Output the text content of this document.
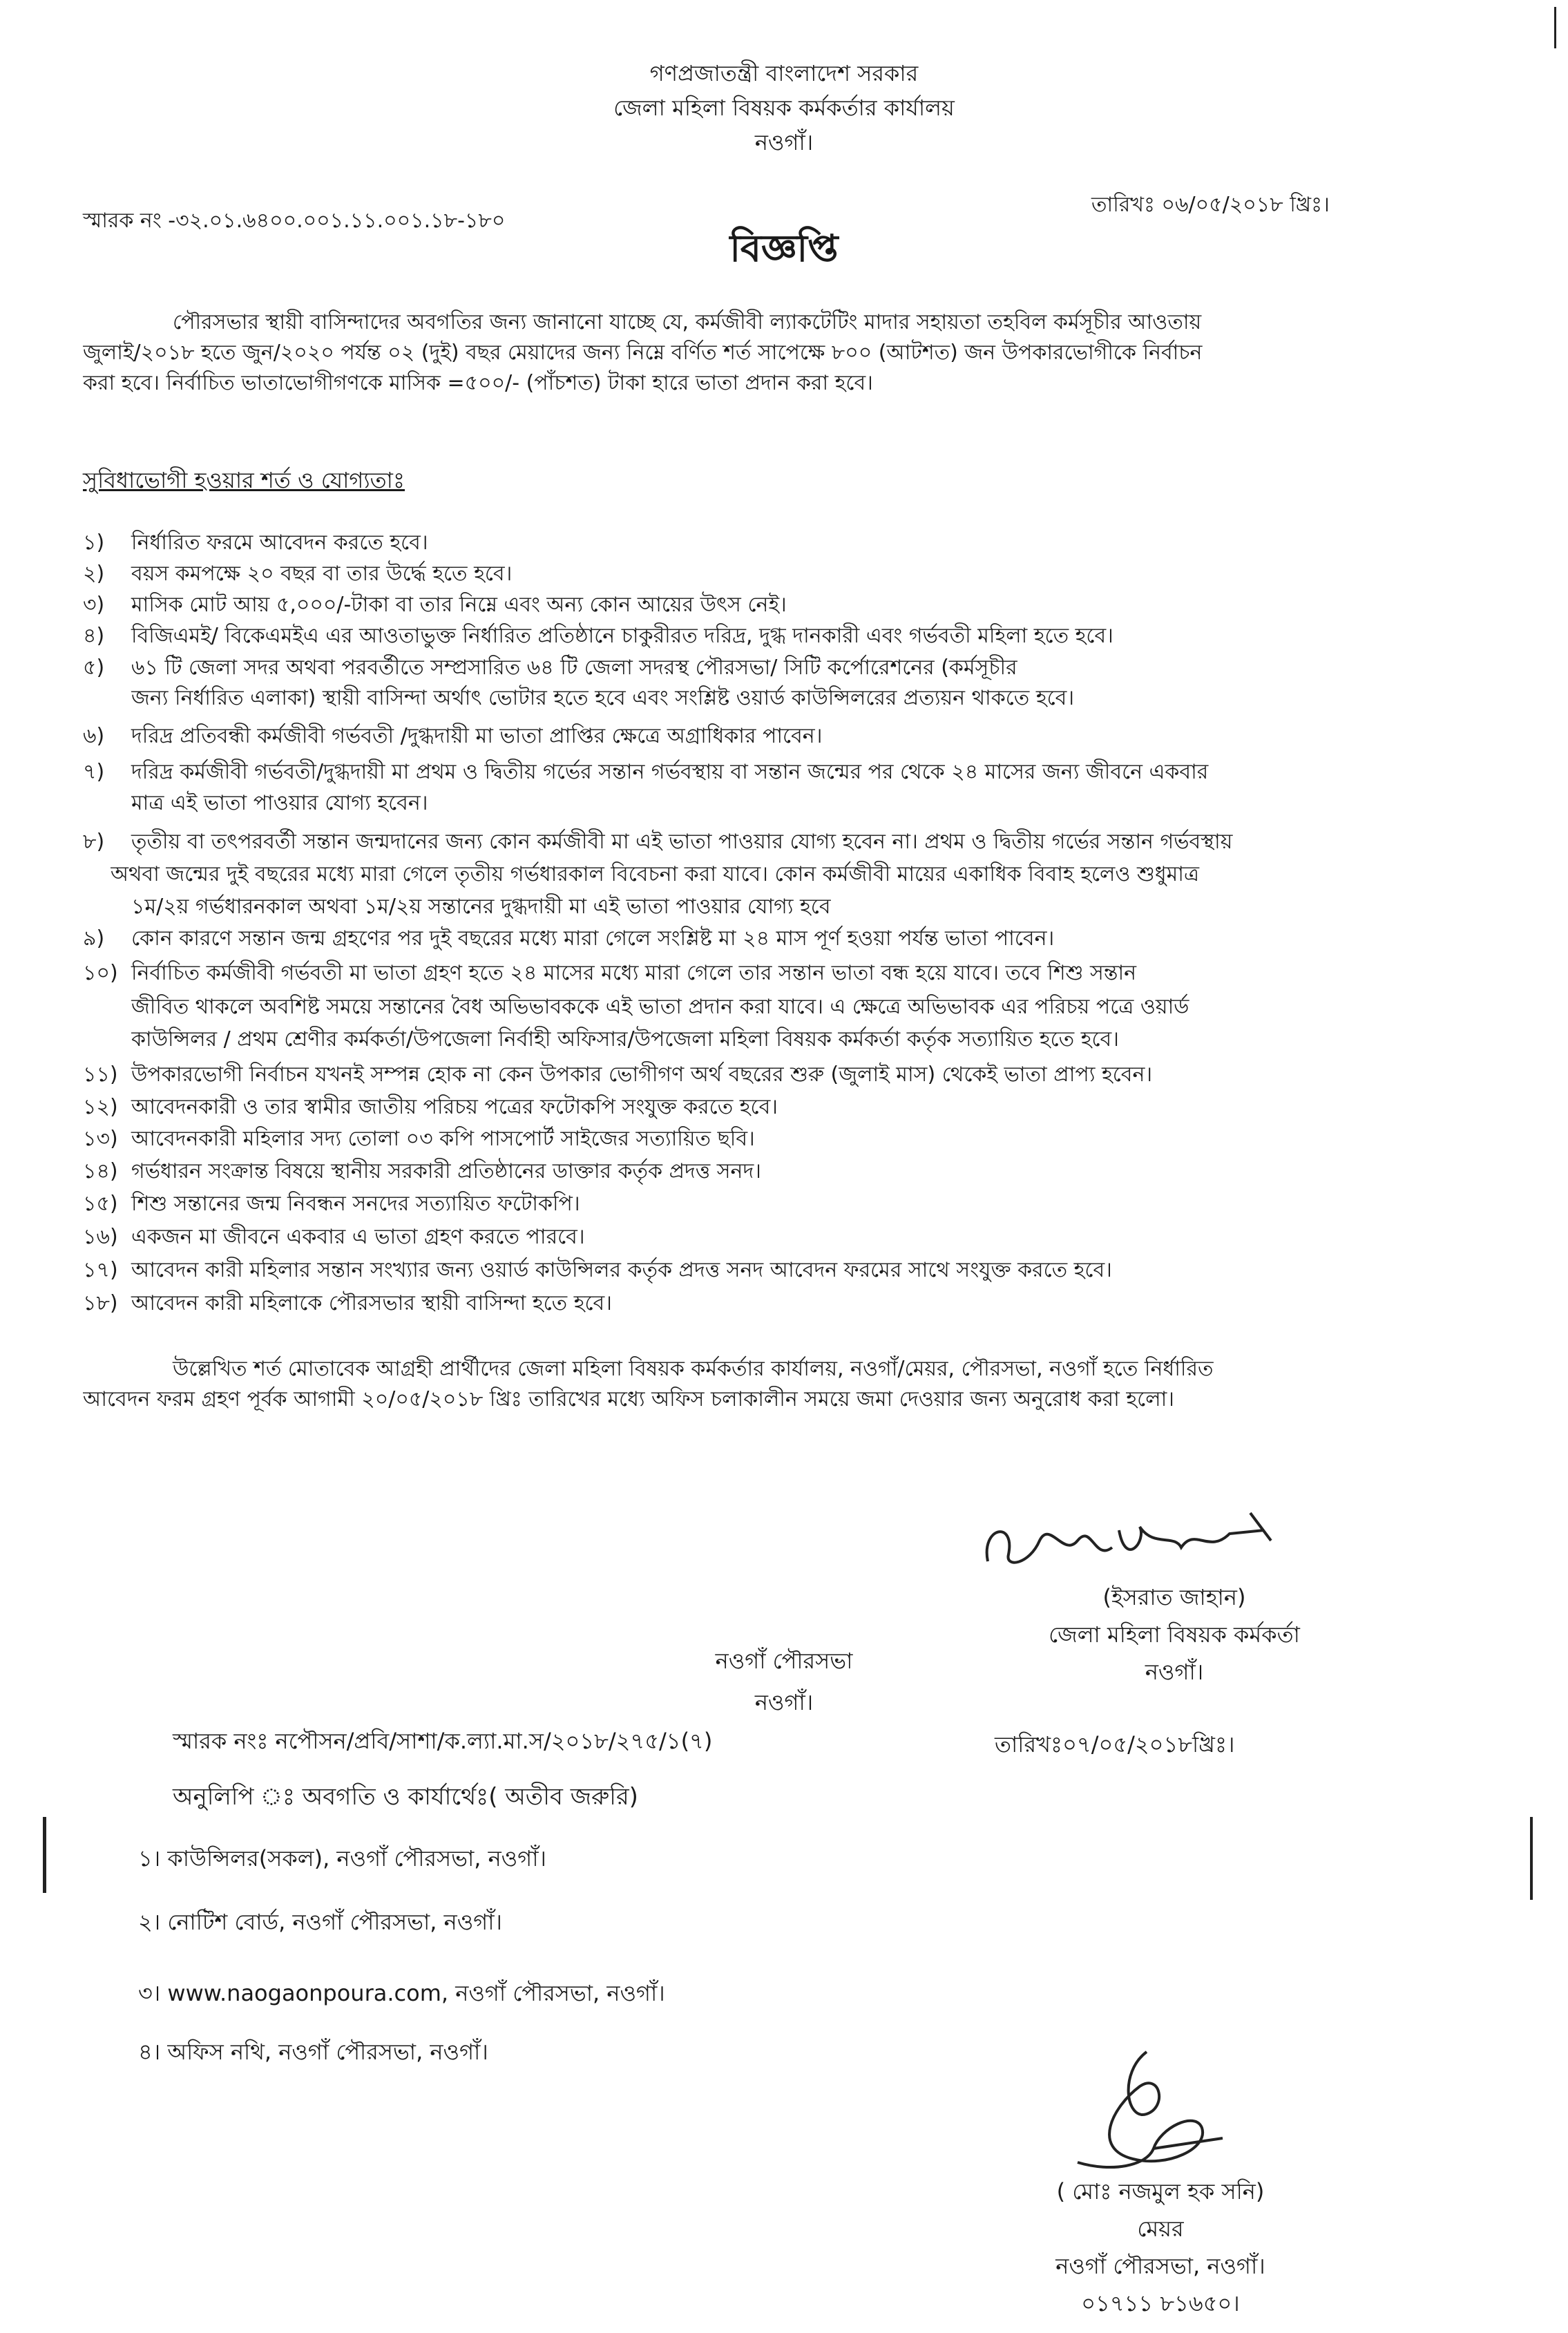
গণপ্রজাতন্ত্রী বাংলাদেশ সরকার
জেলা মহিলা বিষয়ক কর্মকর্তার কার্যালয়
নওগাঁ।
স্মারক নং -৩২.০১.৬৪০০.০০১.১১.০০১.১৮-১৮০
তারিখঃ ০৬/০৫/২০১৮ খ্রিঃ।
বিজ্ঞপ্তি
পৌরসভার স্থায়ী বাসিন্দাদের অবগতির জন্য জানানো যাচ্ছে যে, কর্মজীবী ল্যাকটেটিং মাদার সহায়তা তহবিল কর্মসূচীর আওতায়
জুলাই/২০১৮ হতে জুন/২০২০ পর্যন্ত ০২ (দুই) বছর মেয়াদের জন্য নিম্নে বর্ণিত শর্ত সাপেক্ষে ৮০০ (আটশত) জন উপকারভোগীকে নির্বাচন
করা হবে। নির্বাচিত ভাতাভোগীগণকে মাসিক =৫০০/- (পাঁচশত) টাকা হারে ভাতা প্রদান করা হবে।
সুবিধাভোগী হওয়ার শর্ত ও যোগ্যতাঃ
১) নির্ধারিত ফরমে আবেদন করতে হবে।
২) বয়স কমপক্ষে ২০ বছর বা তার উর্দ্ধে হতে হবে।
৩) মাসিক মোট আয় ৫,০০০/-টাকা বা তার নিম্নে এবং অন্য কোন আয়ের উৎস নেই।
৪) বিজিএমই/ বিকেএমইএ এর আওতাভুক্ত নির্ধারিত প্রতিষ্ঠানে চাকুরীরত দরিদ্র, দুগ্ধ দানকারী এবং গর্ভবতী মহিলা হতে হবে।
৫) ৬১ টি জেলা সদর অথবা পরবর্তীতে সম্প্রসারিত ৬৪ টি জেলা সদরস্থ পৌরসভা/ সিটি কর্পোরেশনের (কর্মসূচীর
জন্য নির্ধারিত এলাকা) স্থায়ী বাসিন্দা অর্থাৎ ভোটার হতে হবে এবং সংশ্লিষ্ট ওয়ার্ড কাউন্সিলরের প্রত্যয়ন থাকতে হবে।
৬) দরিদ্র প্রতিবন্ধী কর্মজীবী গর্ভবতী /দুগ্ধদায়ী মা ভাতা প্রাপ্তির ক্ষেত্রে অগ্রাধিকার পাবেন।
৭) দরিদ্র কর্মজীবী গর্ভবতী/দুগ্ধদায়ী মা প্রথম ও দ্বিতীয় গর্ভের সন্তান গর্ভবস্থায় বা সন্তান জন্মের পর থেকে ২৪ মাসের জন্য জীবনে একবার
মাত্র এই ভাতা পাওয়ার যোগ্য হবেন।
৮) তৃতীয় বা তৎপরবর্তী সন্তান জন্মদানের জন্য কোন কর্মজীবী মা এই ভাতা পাওয়ার যোগ্য হবেন না। প্রথম ও দ্বিতীয় গর্ভের সন্তান গর্ভবস্থায়
অথবা জন্মের দুই বছরের মধ্যে মারা গেলে তৃতীয় গর্ভধারকাল বিবেচনা করা যাবে। কোন কর্মজীবী মায়ের একাধিক বিবাহ হলেও শুধুমাত্র
১ম/২য় গর্ভধারনকাল অথবা ১ম/২য় সন্তানের দুগ্ধদায়ী মা এই ভাতা পাওয়ার যোগ্য হবে
৯) কোন কারণে সন্তান জন্ম গ্রহণের পর দুই বছরের মধ্যে মারা গেলে সংশ্লিষ্ট মা ২৪ মাস পূর্ণ হওয়া পর্যন্ত ভাতা পাবেন।
১০) নির্বাচিত কর্মজীবী গর্ভবতী মা ভাতা গ্রহণ হতে ২৪ মাসের মধ্যে মারা গেলে তার সন্তান ভাতা বন্ধ হয়ে যাবে। তবে শিশু সন্তান
জীবিত থাকলে অবশিষ্ট সময়ে সন্তানের বৈধ অভিভাবককে এই ভাতা প্রদান করা যাবে। এ ক্ষেত্রে অভিভাবক এর পরিচয় পত্রে ওয়ার্ড
কাউন্সিলর / প্রথম শ্রেণীর কর্মকর্তা/উপজেলা নির্বাহী অফিসার/উপজেলা মহিলা বিষয়ক কর্মকর্তা কর্তৃক সত্যায়িত হতে হবে।
১১) উপকারভোগী নির্বাচন যখনই সম্পন্ন হোক না কেন উপকার ভোগীগণ অর্থ বছরের শুরু (জুলাই মাস) থেকেই ভাতা প্রাপ্য হবেন।
১২) আবেদনকারী ও তার স্বামীর জাতীয় পরিচয় পত্রের ফটোকপি সংযুক্ত করতে হবে।
১৩) আবেদনকারী মহিলার সদ্য তোলা ০৩ কপি পাসপোর্ট সাইজের সত্যায়িত ছবি।
১৪) গর্ভধারন সংক্রান্ত বিষয়ে স্থানীয় সরকারী প্রতিষ্ঠানের ডাক্তার কর্তৃক প্রদত্ত সনদ।
১৫) শিশু সন্তানের জন্ম নিবন্ধন সনদের সত্যায়িত ফটোকপি।
১৬) একজন মা জীবনে একবার এ ভাতা গ্রহণ করতে পারবে।
১৭) আবেদন কারী মহিলার সন্তান সংখ্যার জন্য ওয়ার্ড কাউন্সিলর কর্তৃক প্রদত্ত সনদ আবেদন ফরমের সাথে সংযুক্ত করতে হবে।
১৮) আবেদন কারী মহিলাকে পৌরসভার স্থায়ী বাসিন্দা হতে হবে।
উল্লেখিত শর্ত মোতাবেক আগ্রহী প্রার্থীদের জেলা মহিলা বিষয়ক কর্মকর্তার কার্যালয়, নওগাঁ/মেয়র, পৌরসভা, নওগাঁ হতে নির্ধারিত
আবেদন ফরম গ্রহণ পূর্বক আগামী ২০/০৫/২০১৮ খ্রিঃ তারিখের মধ্যে অফিস চলাকালীন সময়ে জমা দেওয়ার জন্য অনুরোধ করা হলো।
(ইসরাত জাহান)
জেলা মহিলা বিষয়ক কর্মকর্তা
নওগাঁ।
নওগাঁ পৌরসভা
নওগাঁ।
স্মারক নংঃ নপৌসন/প্রবি/সাশা/ক.ল্যা.মা.স/২০১৮/২৭৫/১(৭)	তারিখঃ০৭/০৫/২০১৮খ্রিঃ।
অনুলিপি ঃ অবগতি ও কার্যার্থেঃ( অতীব জরুরি)
১। কাউন্সিলর(সকল), নওগাঁ পৌরসভা, নওগাঁ।
২। নোটিশ বোর্ড, নওগাঁ পৌরসভা, নওগাঁ।
৩। www.naogaonpoura.com, নওগাঁ পৌরসভা, নওগাঁ।
৪। অফিস নথি, নওগাঁ পৌরসভা, নওগাঁ।
( মোঃ নজমুল হক সনি)
মেয়র
নওগাঁ পৌরসভা, নওগাঁ।
০১৭১১ ৮১৬৫০।
